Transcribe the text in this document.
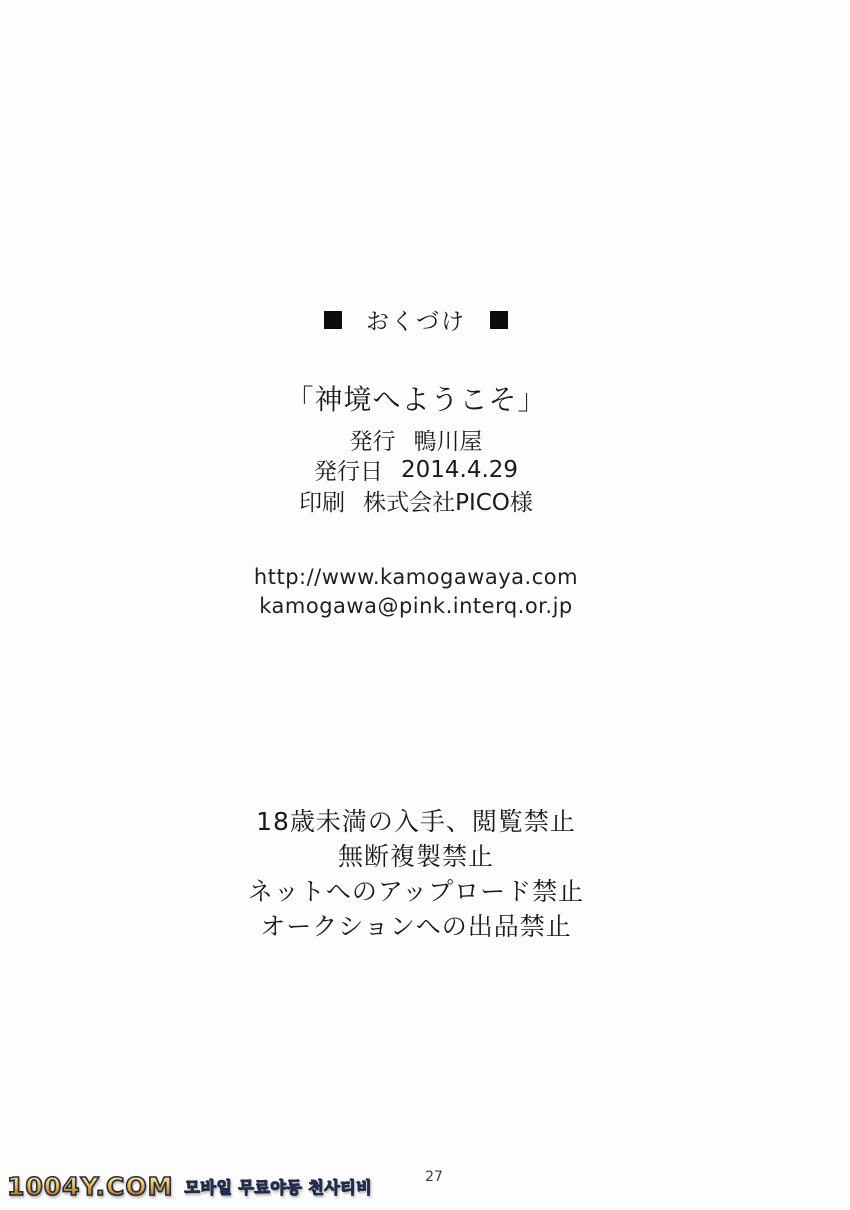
おくづけ
「神境へようこそ」
発行 鴨川屋
発行日 2014.4.29
印刷 株式会社PICO様
http://www.kamogawaya.com
kamogawa@pink.interq.or.jp
18歳未満の入手、閲覧禁止
無断複製禁止
ネットへのアップロード禁止
オークションへの出品禁止
27
1004Y.COM 모바일 무료야동 천사티비
